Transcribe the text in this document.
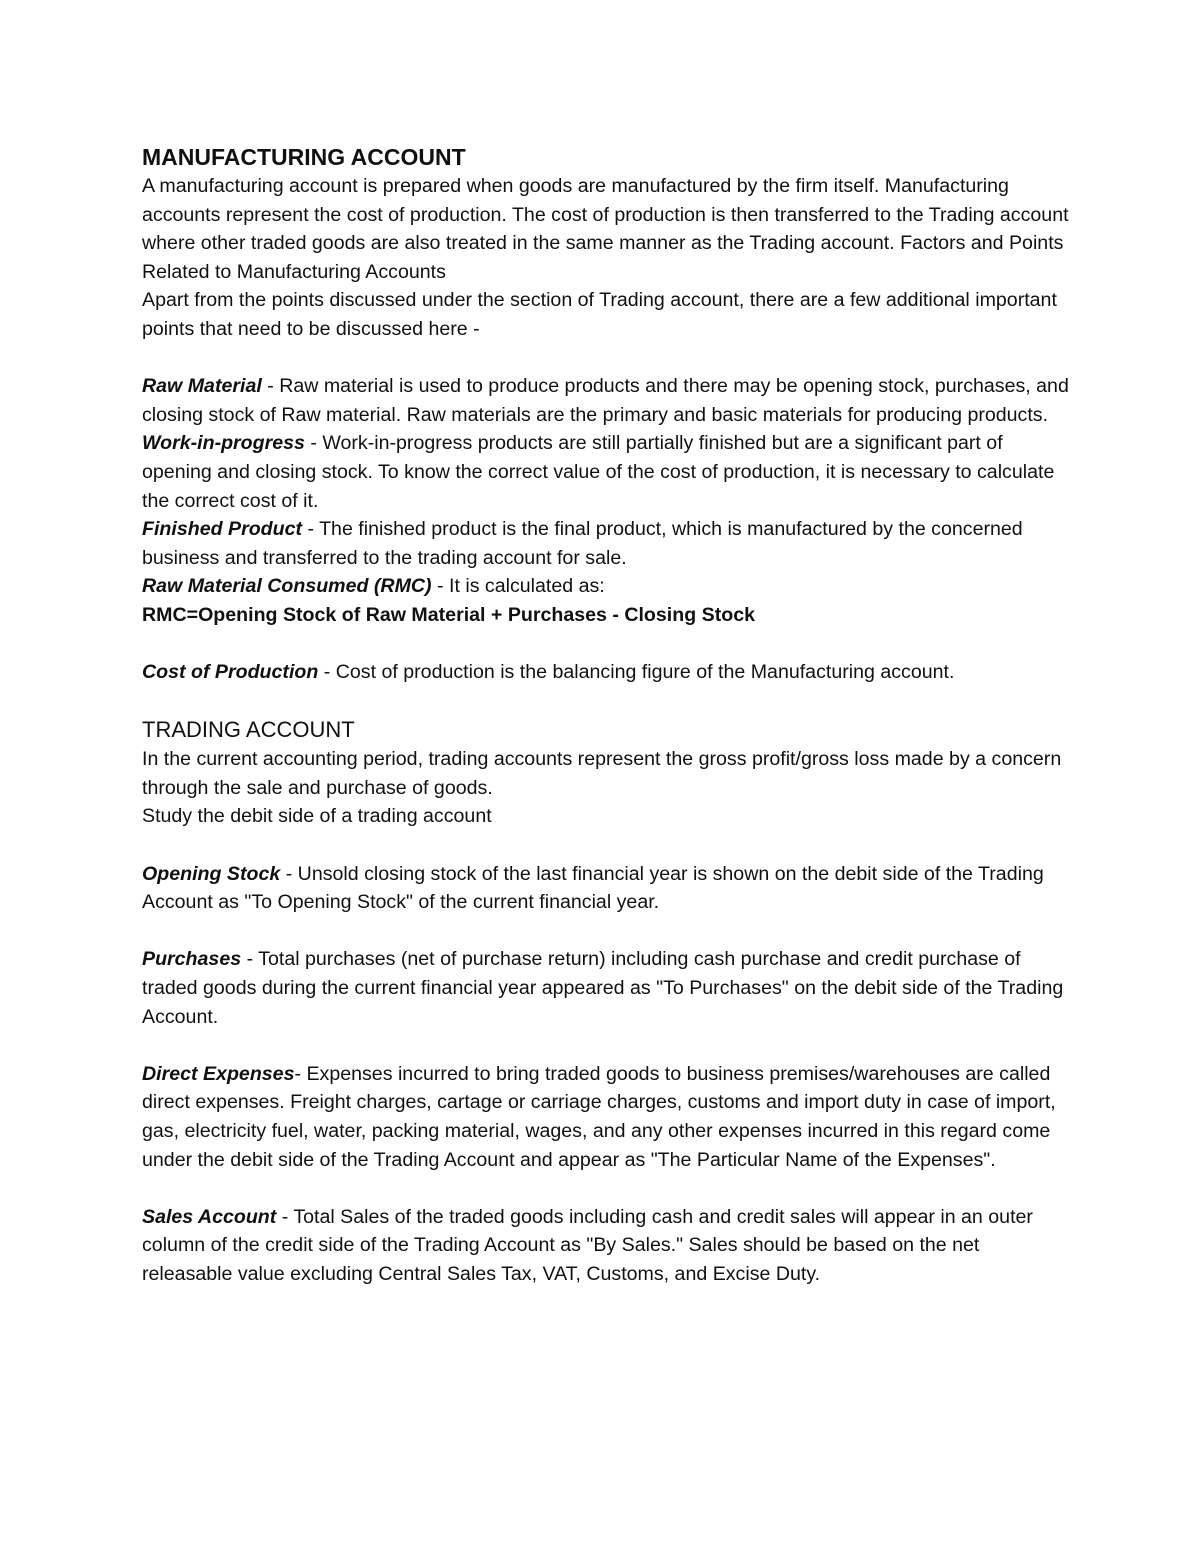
MANUFACTURING ACCOUNT

A manufacturing account is prepared when goods are manufactured by the firm itself. Manufacturing accounts represent the cost of production. The cost of production is then transferred to the Trading account where other traded goods are also treated in the same manner as the Trading account. Factors and Points Related to Manufacturing Accounts

Apart from the points discussed under the section of Trading account, there are a few additional important points that need to be discussed here -

Raw Material - Raw material is used to produce products and there may be opening stock, purchases, and closing stock of Raw material. Raw materials are the primary and basic materials for producing products.

Work-in-progress - Work-in-progress products are still partially finished but are a significant part of opening and closing stock. To know the correct value of the cost of production, it is necessary to calculate the correct cost of it.

Finished Product - The finished product is the final product, which is manufactured by the concerned business and transferred to the trading account for sale.

Raw Material Consumed (RMC) - It is calculated as:

RMC=Opening Stock of Raw Material + Purchases - Closing Stock

Cost of Production - Cost of production is the balancing figure of the Manufacturing account.

TRADING ACCOUNT

In the current accounting period, trading accounts represent the gross profit/gross loss made by a concern through the sale and purchase of goods.

Study the debit side of a trading account

Opening Stock - Unsold closing stock of the last financial year is shown on the debit side of the Trading Account as "To Opening Stock" of the current financial year.

Purchases - Total purchases (net of purchase return) including cash purchase and credit purchase of traded goods during the current financial year appeared as "To Purchases" on the debit side of the Trading Account.

Direct Expenses- Expenses incurred to bring traded goods to business premises/warehouses are called direct expenses. Freight charges, cartage or carriage charges, customs and import duty in case of import, gas, electricity fuel, water, packing material, wages, and any other expenses incurred in this regard come under the debit side of the Trading Account and appear as "The Particular Name of the Expenses".

Sales Account - Total Sales of the traded goods including cash and credit sales will appear in an outer column of the credit side of the Trading Account as "By Sales." Sales should be based on the net releasable value excluding Central Sales Tax, VAT, Customs, and Excise Duty.
